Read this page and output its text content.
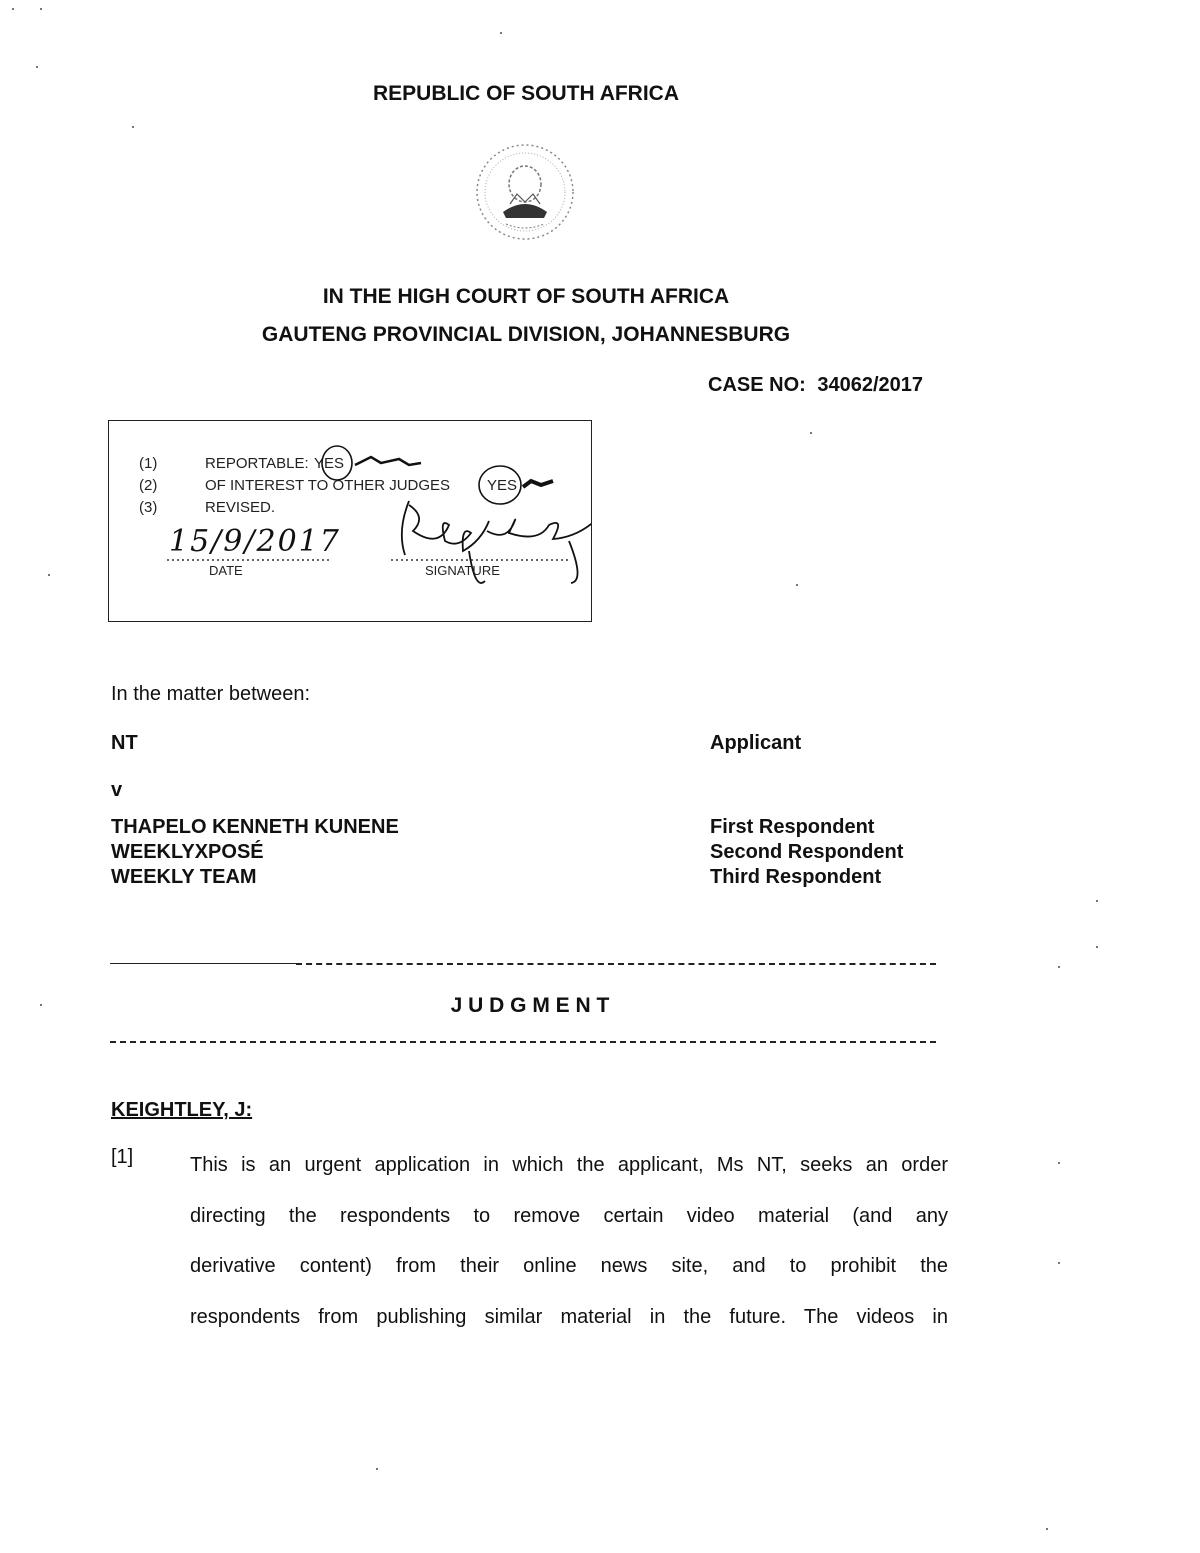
REPUBLIC OF SOUTH AFRICA
IN THE HIGH COURT OF SOUTH AFRICA
GAUTENG PROVINCIAL DIVISION, JOHANNESBURG
CASE NO: 34062/2017
(1)	REPORTABLE: YES
(2)	OF INTEREST TO OTHER JUDGES YES
(3)	REVISED.
15/9/2017
DATE	SIGNATURE
In the matter between:
NT	Applicant
v
THAPELO KENNETH KUNENE	First Respondent
WEEKLYXPOSÉ	Second Respondent
WEEKLY TEAM	Third Respondent
J U D G M E N T
KEIGHTLEY, J:
[1]	This is an urgent application in which the applicant, Ms NT, seeks an order
directing the respondents to remove certain video material (and any
derivative content) from their online news site, and to prohibit the
respondents from publishing similar material in the future. The videos in
